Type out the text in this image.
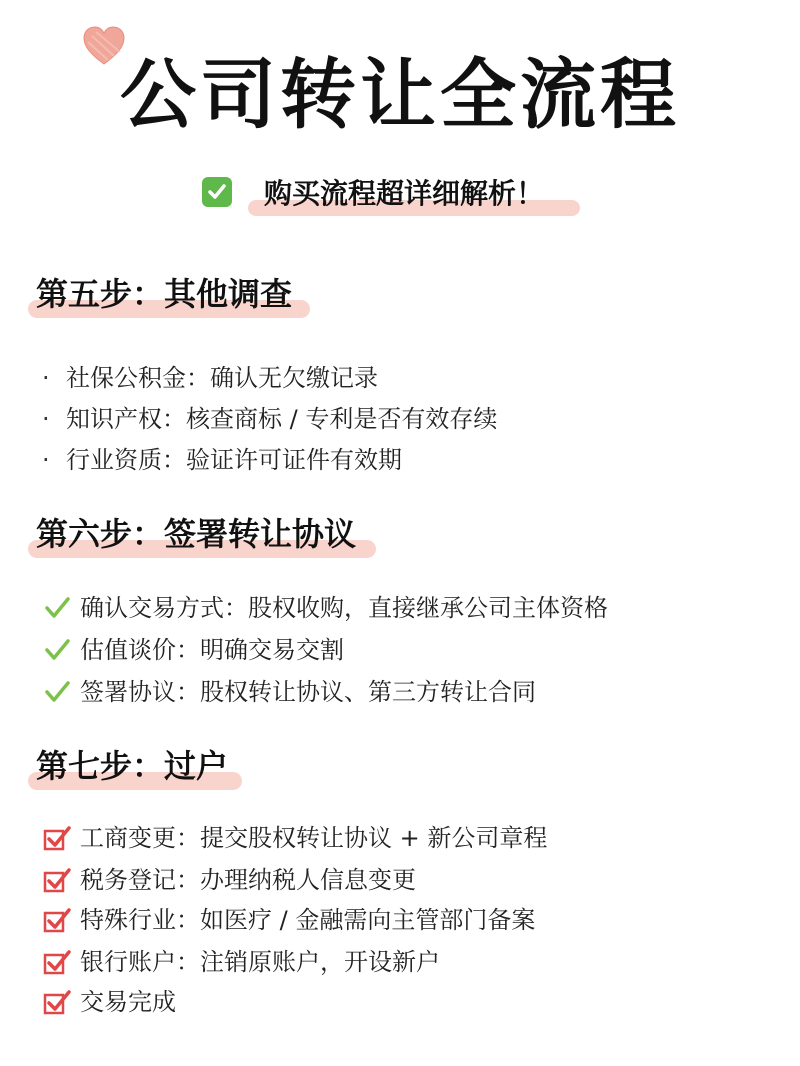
公司转让全流程
购买流程超详细解析！
第五步：其他调查
· 社保公积金：确认无欠缴记录
· 知识产权：核查商标 / 专利是否有效存续
· 行业资质：验证许可证件有效期
第六步：签署转让协议
确认交易方式：股权收购，直接继承公司主体资格
估值谈价：明确交易交割
签署协议：股权转让协议、第三方转让合同
第七步：过户
工商变更：提交股权转让协议 + 新公司章程
税务登记：办理纳税人信息变更
特殊行业：如医疗 / 金融需向主管部门备案
银行账户：注销原账户，开设新户
交易完成
